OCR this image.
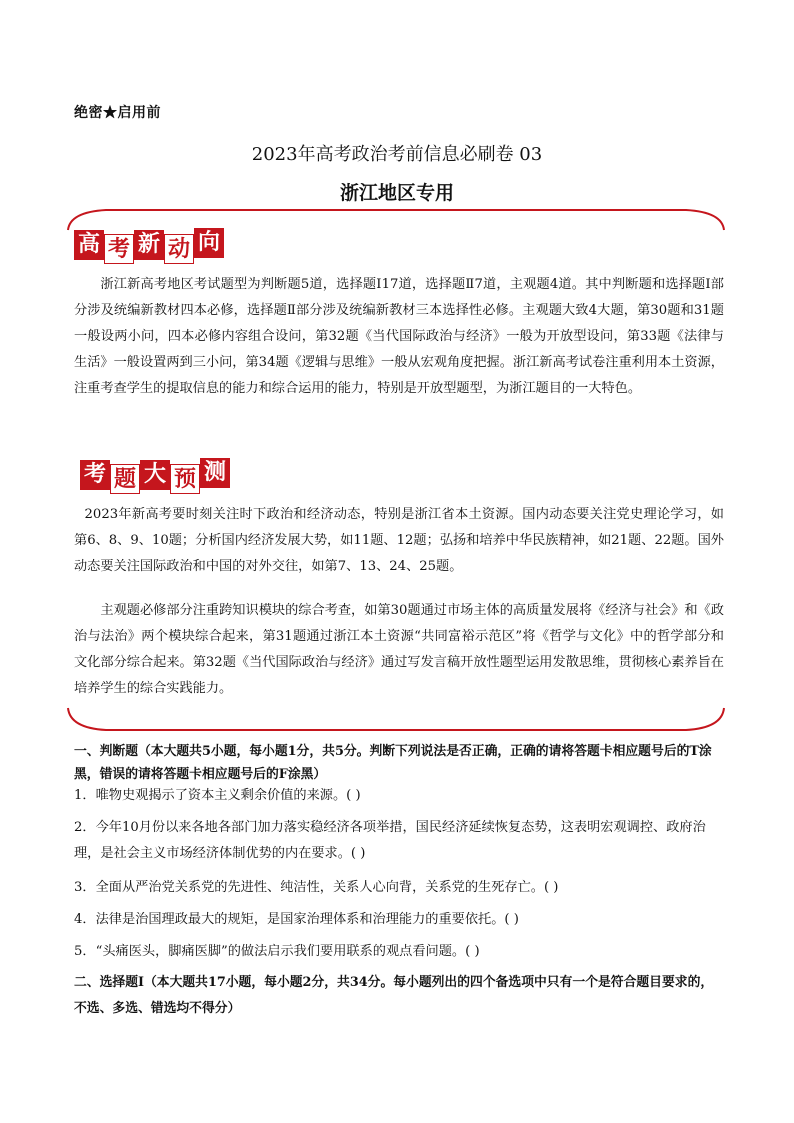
绝密★启用前
2023年高考政治考前信息必刷卷 03
浙江地区专用
高 考 新 动 向
浙江新高考地区考试题型为判断题5道，选择题Ⅰ17道，选择题Ⅱ7道，主观题4道。其中判断题和选择题Ⅰ部分涉及统编新教材四本必修，选择题Ⅱ部分涉及统编新教材三本选择性必修。主观题大致4大题，第30题和31题一般设两小问，四本必修内容组合设问，第32题《当代国际政治与经济》一般为开放型设问，第33题《法律与生活》一般设置两到三小问，第34题《逻辑与思维》一般从宏观角度把握。浙江新高考试卷注重利用本土资源，注重考查学生的提取信息的能力和综合运用的能力，特别是开放型题型，为浙江题目的一大特色。
考 题 大 预 测
2023年新高考要时刻关注时下政治和经济动态，特别是浙江省本土资源。国内动态要关注党史理论学习，如第6、8、9、10题；分析国内经济发展大势，如11题、12题；弘扬和培养中华民族精神，如21题、22题。国外动态要关注国际政治和中国的对外交往，如第7、13、24、25题。
主观题必修部分注重跨知识模块的综合考查，如第30题通过市场主体的高质量发展将《经济与社会》和《政治与法治》两个模块综合起来，第31题通过浙江本土资源“共同富裕示范区”将《哲学与文化》中的哲学部分和文化部分综合起来。第32题《当代国际政治与经济》通过写发言稿开放性题型运用发散思维，贯彻核心素养旨在培养学生的综合实践能力。
一、判断题（本大题共5小题，每小题1分，共5分。判断下列说法是否正确，正确的请将答题卡相应题号后的T涂黑，错误的请将答题卡相应题号后的F涂黑）
1．唯物史观揭示了资本主义剩余价值的来源。( )
2．今年10月份以来各地各部门加力落实稳经济各项举措，国民经济延续恢复态势，这表明宏观调控、政府治理，是社会主义市场经济体制优势的内在要求。( )
3．全面从严治党关系党的先进性、纯洁性，关系人心向背，关系党的生死存亡。( )
4．法律是治国理政最大的规矩，是国家治理体系和治理能力的重要依托。( )
5．“头痛医头，脚痛医脚”的做法启示我们要用联系的观点看问题。( )
二、选择题Ⅰ（本大题共17小题，每小题2分，共34分。每小题列出的四个备选项中只有一个是符合题目要求的，不选、多选、错选均不得分）
